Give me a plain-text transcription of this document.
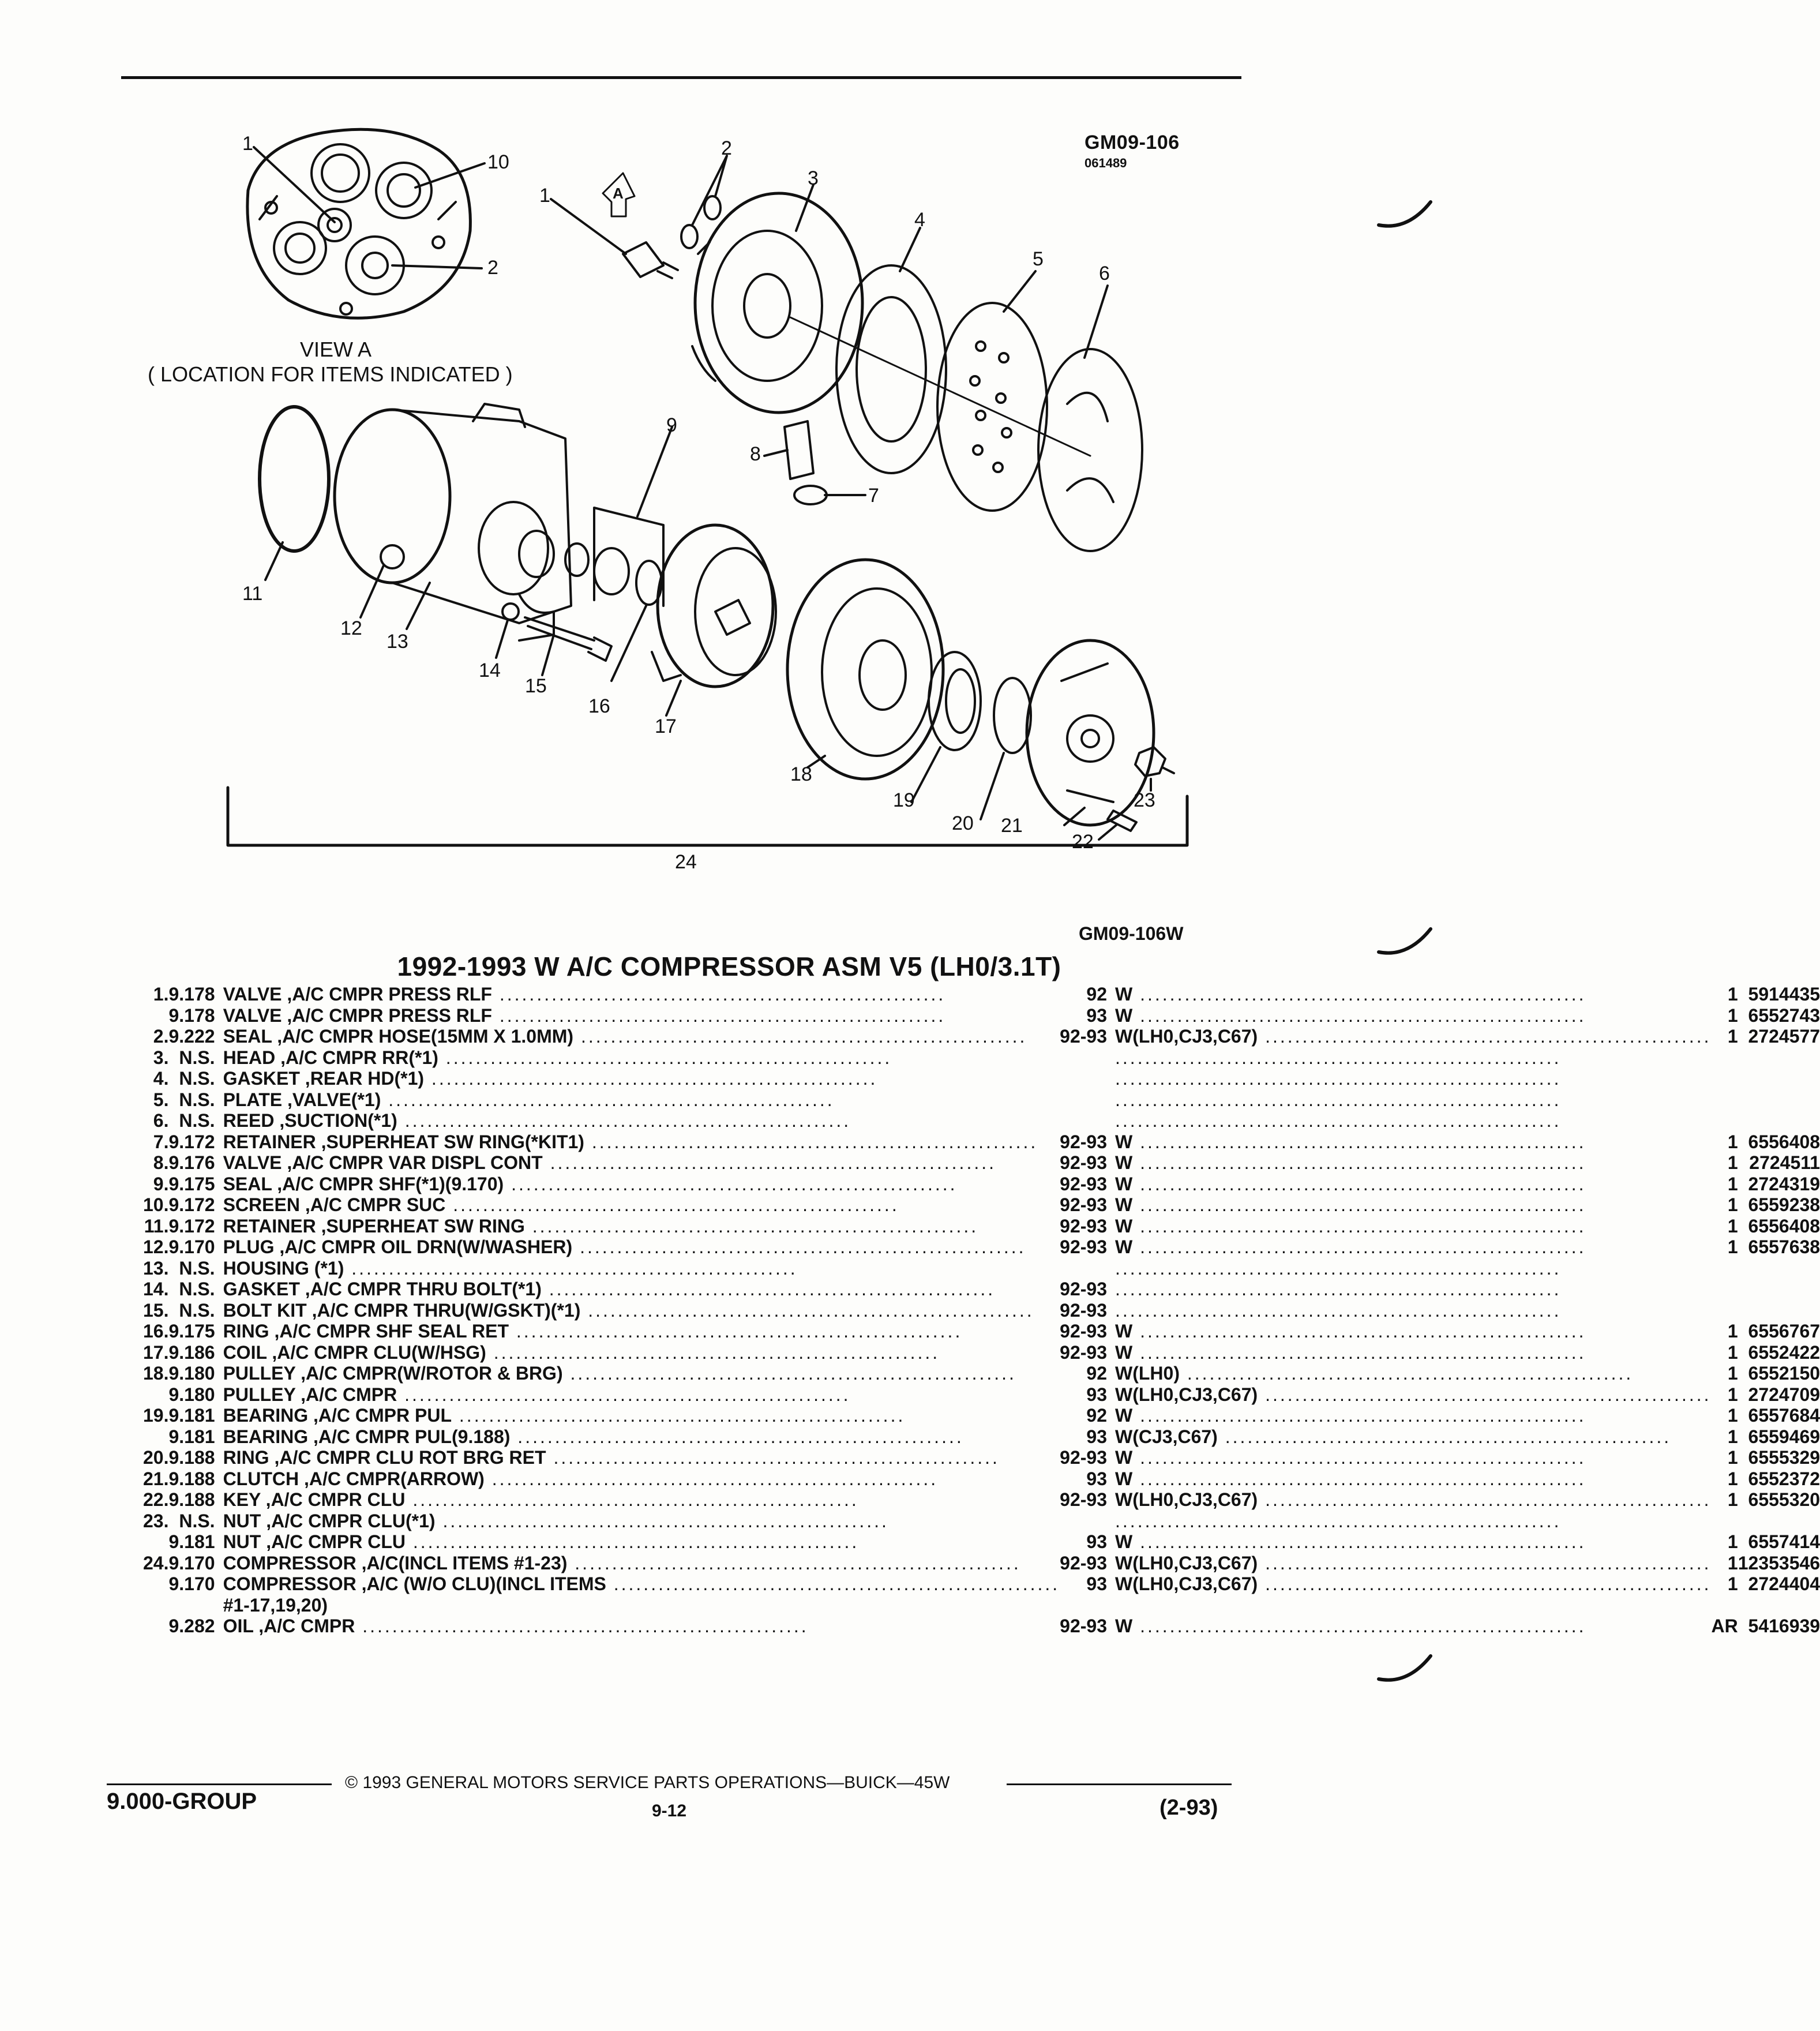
GM09-106
061489
1
10
2
VIEW A
( LOCATION FOR ITEMS INDICATED )
A
1
2
3
4
5
6
9
8
7
11
12
13
14
15
16
17
18
19
20 21
22
23
24
GM09-106W
1992-1993 W A/C COMPRESSOR ASM V5 (LH0/3.1T)
1.	9.178	VALVE ,A/C CMPR PRESS RLF ............................................................	92	W ............................................................	1	5914435
	9.178	VALVE ,A/C CMPR PRESS RLF ............................................................	93	W ............................................................	1	6552743
2.	9.222	SEAL ,A/C CMPR HOSE(15MM X 1.0MM) ............................................................	92-93	W(LH0,CJ3,C67) ............................................................	1	2724577
3.	N.S.	HEAD ,A/C CMPR RR(*1) ............................................................		............................................................		
4.	N.S.	GASKET ,REAR HD(*1) ............................................................		............................................................		
5.	N.S.	PLATE ,VALVE(*1) ............................................................		............................................................		
6.	N.S.	REED ,SUCTION(*1) ............................................................		............................................................		
7.	9.172	RETAINER ,SUPERHEAT SW RING(*KIT1) ............................................................	92-93	W ............................................................	1	6556408
8.	9.176	VALVE ,A/C CMPR VAR DISPL CONT ............................................................	92-93	W ............................................................	1	2724511
9.	9.175	SEAL ,A/C CMPR SHF(*1)(9.170) ............................................................	92-93	W ............................................................	1	2724319
10.	9.172	SCREEN ,A/C CMPR SUC ............................................................	92-93	W ............................................................	1	6559238
11.	9.172	RETAINER ,SUPERHEAT SW RING ............................................................	92-93	W ............................................................	1	6556408
12.	9.170	PLUG ,A/C CMPR OIL DRN(W/WASHER) ............................................................	92-93	W ............................................................	1	6557638
13.	N.S.	HOUSING (*1) ............................................................		............................................................		
14.	N.S.	GASKET ,A/C CMPR THRU BOLT(*1) ............................................................	92-93	............................................................		
15.	N.S.	BOLT KIT ,A/C CMPR THRU(W/GSKT)(*1) ............................................................	92-93	............................................................		
16.	9.175	RING ,A/C CMPR SHF SEAL RET ............................................................	92-93	W ............................................................	1	6556767
17.	9.186	COIL ,A/C CMPR CLU(W/HSG) ............................................................	92-93	W ............................................................	1	6552422
18.	9.180	PULLEY ,A/C CMPR(W/ROTOR & BRG) ............................................................	92	W(LH0) ............................................................	1	6552150
	9.180	PULLEY ,A/C CMPR ............................................................	93	W(LH0,CJ3,C67) ............................................................	1	2724709
19.	9.181	BEARING ,A/C CMPR PUL ............................................................	92	W ............................................................	1	6557684
	9.181	BEARING ,A/C CMPR PUL(9.188) ............................................................	93	W(CJ3,C67) ............................................................	1	6559469
20.	9.188	RING ,A/C CMPR CLU ROT BRG RET ............................................................	92-93	W ............................................................	1	6555329
21.	9.188	CLUTCH ,A/C CMPR(ARROW) ............................................................	93	W ............................................................	1	6552372
22.	9.188	KEY ,A/C CMPR CLU ............................................................	92-93	W(LH0,CJ3,C67) ............................................................	1	6555320
23.	N.S.	NUT ,A/C CMPR CLU(*1) ............................................................		............................................................		
	9.181	NUT ,A/C CMPR CLU ............................................................	93	W ............................................................	1	6557414
24.	9.170	COMPRESSOR ,A/C(INCL ITEMS #1-23) ............................................................	92-93	W(LH0,CJ3,C67) ............................................................	1	12353546
	9.170	COMPRESSOR ,A/C (W/O CLU)(INCL ITEMS ............................................................	93	W(LH0,CJ3,C67) ............................................................	1	2724404
		#1-17,19,20)				
	9.282	OIL ,A/C CMPR ............................................................	92-93	W ............................................................	AR	5416939
© 1993 GENERAL MOTORS SERVICE PARTS OPERATIONS—BUICK—45W
9.000-GROUP	9-12	(2-93)
